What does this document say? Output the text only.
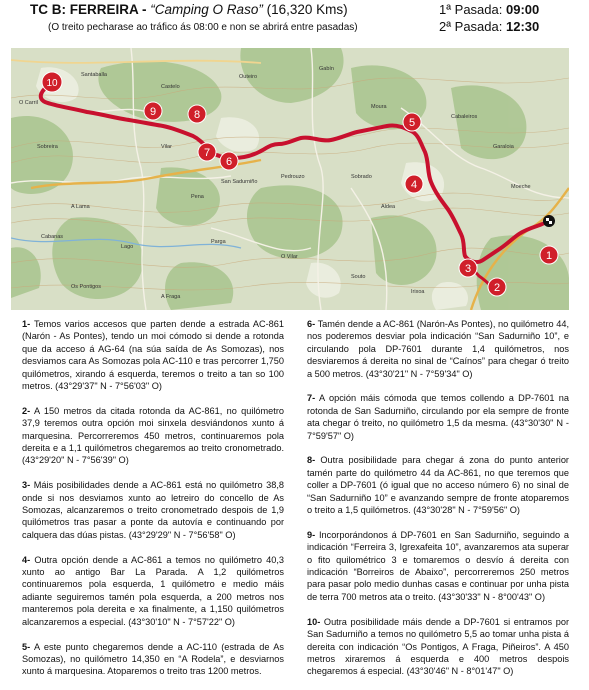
TC B: FERREIRA - “Camping O Raso” (16,320 Kms)
(O treito pecharase ao tráfico ás 08:00 e non se abrirá entre pasadas)
1ª Pasada: 09:00
2ª Pasada: 12:30
O Carril
Santaballa
Castelo
Outeiro
Gabín
Moura
Cabaleiros
Garaloia
Sobreira	Vilar
A Lama
Pena
Pedrouzo	Sobrado
Aldea
Cabanas
Lago
Parga
O Vilar
Souto
San Sadurniño
Os Pontigos
A Fraga
Moeche
Irixoa
1
2
3
4
5
6
7
8
9
10

1- Temos varios accesos que parten dende a estrada AC-861 (Narón - As Pontes), tendo un moi cómodo si dende a rotonda que da acceso á AG-64 (na súa saída de As Somozas), nos desviamos cara As Somozas pola AC-110 e tras percorrer 1,750 quilómetros, xirando á esquerda, teremos o treito a tan so 100 metros. (43°29'37" N - 7°56'03" O)

2- A 150 metros da citada rotonda da AC-861, no quilómetro 37,9 teremos outra opción moi sinxela desviándonos xunto á marquesina. Percorreremos 450 metros, continuaremos pola dereita e a 1,1 quilómetros chegaremos ao treito cronometrado. (43°29'20" N - 7°56'39" O)

3- Máis posibilidades dende a AC-861 está no quilómetro 38,8 onde si nos desviamos xunto ao letreiro do concello de As Somozas, alcanzaremos o treito cronometrado despois de 1,9 quilómetros tras pasar a ponte da autovía e continuando por calquera das dúas pistas. (43°29'29" N - 7°56'58" O)

4- Outra opción dende a AC-861 a temos no quilómetro 40,3 xunto ao antigo Bar La Parada. A 1,2 quilómetros continuaremos pola esquerda, 1 quilómetro e medio máis adiante seguiremos tamén pola esquerda, a 200 metros nos manteremos pola dereita e xa finalmente, a 1,150 quilómetros alcanzaremos a especial. (43°30'10" N - 7°57'22" O)

5- A este punto chegaremos dende a AC-110 (estrada de As Somozas), no quilómetro 14,350 en “A Rodela”, e desviarnos xunto á marquesina. Atoparemos o treito tras 1200 metros.

6- Tamén dende a AC-861 (Narón-As Pontes), no quilómetro 44, nos poderemos desviar pola indicación “San Sadurniño 10”, e circulando pola DP-7601 durante 1,4 quilómetros, nos desviaremos á dereita no sinal de “Caínos” para chegar ó treito a 500 metros. (43°30'21" N - 7°59'34" O)

7- A opción máis cómoda que temos collendo a DP-7601 na rotonda de San Sadurniño, circulando por ela sempre de fronte ata chegar ó treito, no quilómetro 1,5 da mesma. (43°30'30" N - 7°59'57" O)

8- Outra posibilidade para chegar á zona do punto anterior tamén parte do quilómetro 44 da AC-861, no que teremos que coller a DP-7601 (ó igual que no acceso número 6) no sinal de “San Sadurniño 10” e avanzando sempre de fronte atoparemos o treito a 1,5 quilómetros. (43°30'28" N - 7°59'56" O)

9- Incorporándonos á DP-7601 en San Sadurniño, seguindo a indicación “Ferreira 3, Igrexafeita 10”, avanzaremos ata superar o fito quilométrico 3 e tomaremos o desvío á dereita con indicación “Borreiros de Abaixo”, percorreremos 250 metros para pasar polo medio dunhas casas e continuar por unha pista de terra 700 metros ata o treito. (43°30'33" N - 8°00'43" O)

10- Outra posibilidade máis dende a DP-7601 si entramos por San Sadurniño a temos no quilómetro 5,5 ao tomar unha pista á dereita con indicación “Os Pontigos, A Fraga, Piñeiros”. A 450 metros xiraremos á esquerda e 400 metros despois chegaremos á especial. (43°30'46" N - 8°01'47" O)
